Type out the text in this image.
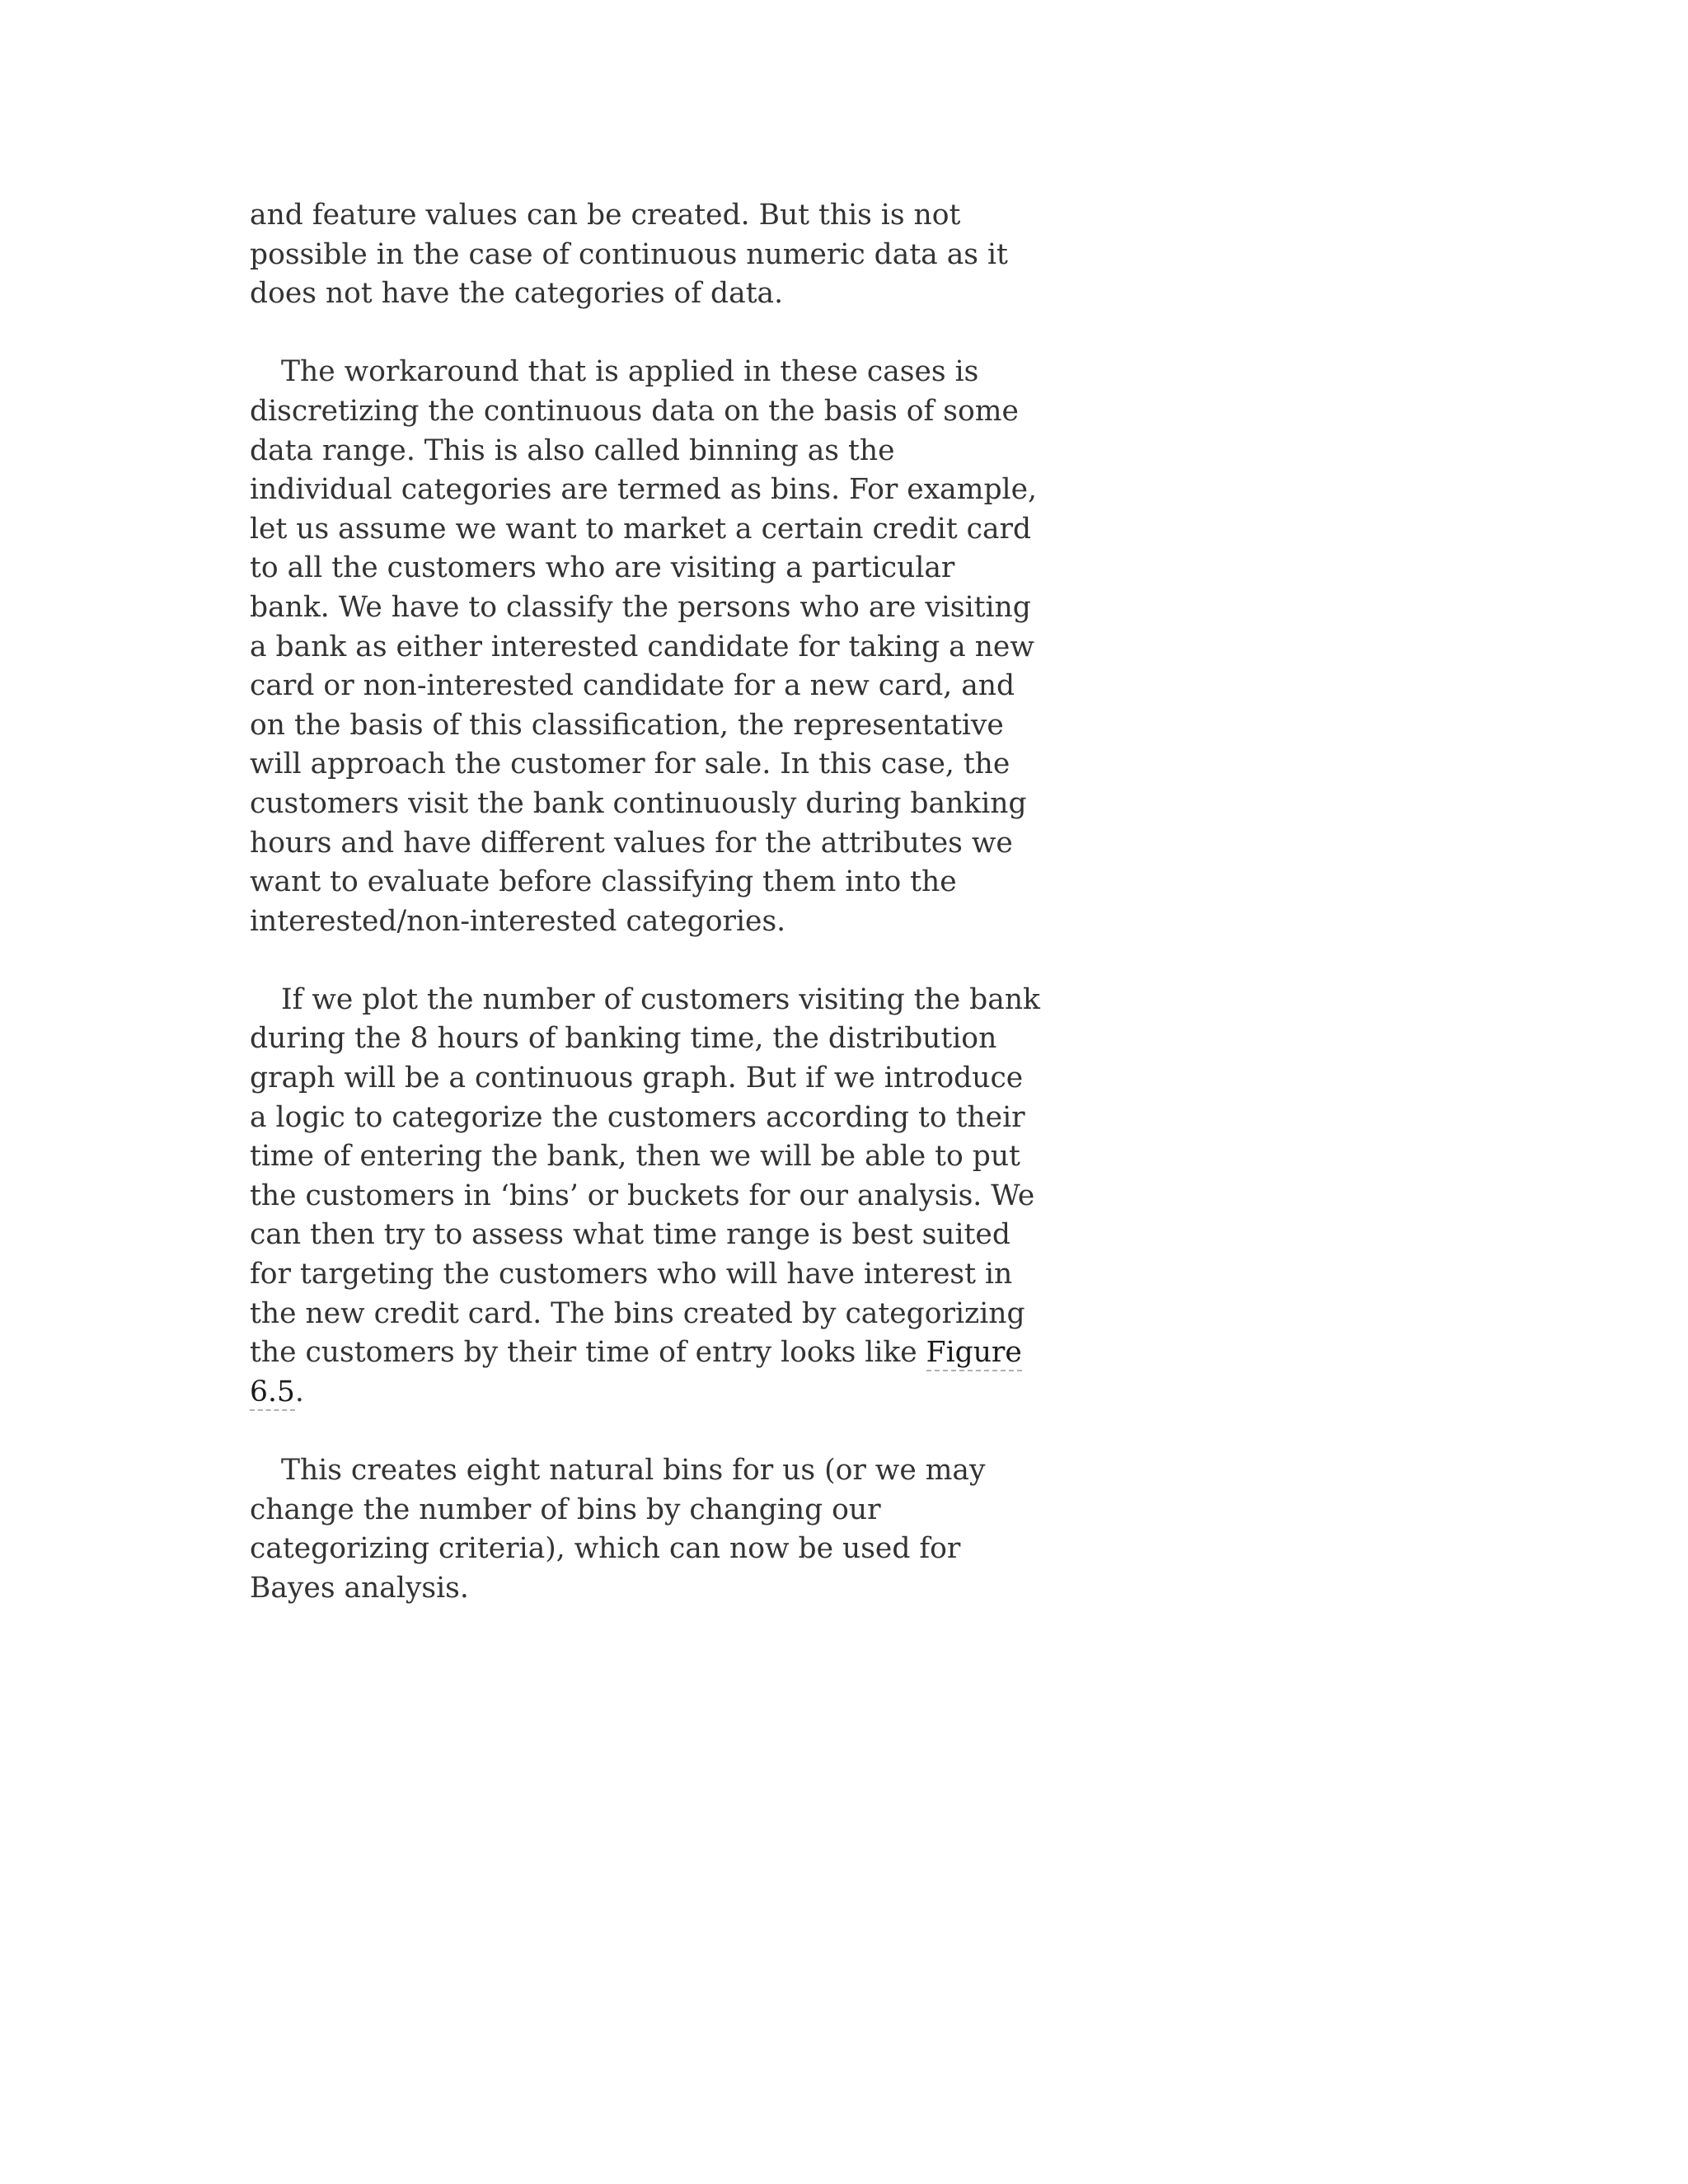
and feature values can be created. But this is not possible in the case of continuous numeric data as it does not have the categories of data.

The workaround that is applied in these cases is discretizing the continuous data on the basis of some data range. This is also called binning as the individual categories are termed as bins. For example, let us assume we want to market a certain credit card to all the customers who are visiting a particular bank. We have to classify the persons who are visiting a bank as either interested candidate for taking a new card or non-interested candidate for a new card, and on the basis of this classification, the representative will approach the customer for sale. In this case, the customers visit the bank continuously during banking hours and have different values for the attributes we want to evaluate before classifying them into the interested/non-interested categories.

If we plot the number of customers visiting the bank during the 8 hours of banking time, the distribution graph will be a continuous graph. But if we introduce a logic to categorize the customers according to their time of entering the bank, then we will be able to put the customers in ‘bins’ or buckets for our analysis. We can then try to assess what time range is best suited for targeting the customers who will have interest in the new credit card. The bins created by categorizing the customers by their time of entry looks like Figure 6.5.

This creates eight natural bins for us (or we may change the number of bins by changing our categorizing criteria), which can now be used for Bayes analysis.
